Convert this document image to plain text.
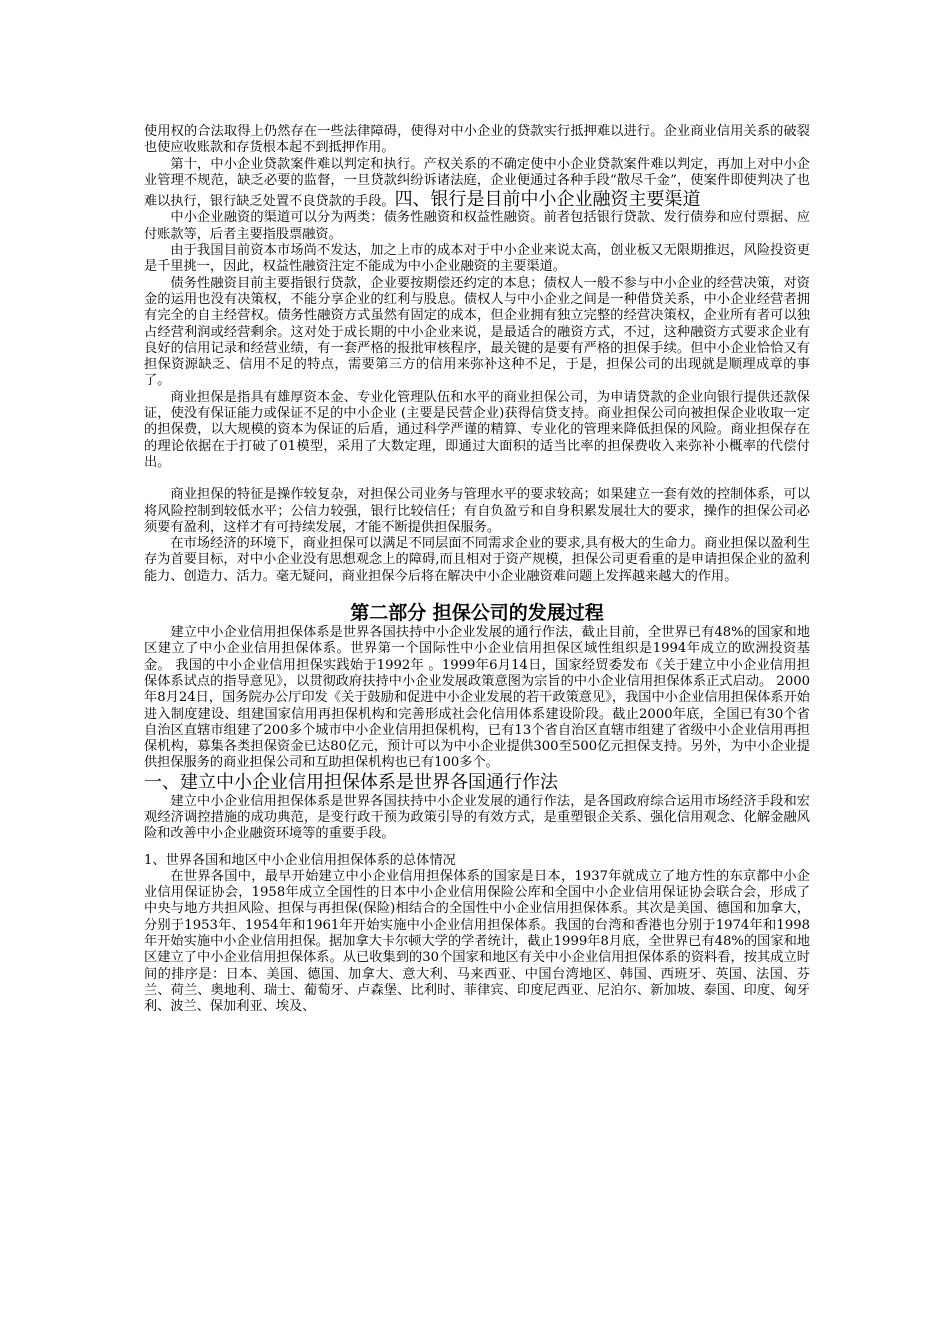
使用权的合法取得上仍然存在一些法律障碍，使得对中小企业的贷款实行抵押难以进行。企业商业信用关系的破裂也使应收账款和存货根本起不到抵押作用。

第十，中小企业贷款案件难以判定和执行。产权关系的不确定使中小企业贷款案件难以判定，再加上对中小企业管理不规范，缺乏必要的监督，一旦贷款纠纷诉诸法庭，企业便通过各种手段“散尽千金”，使案件即使判决了也难以执行，银行缺乏处置不良贷款的手段。四、银行是目前中小企业融资主要渠道

中小企业融资的渠道可以分为两类：债务性融资和权益性融资。前者包括银行贷款、发行债券和应付票据、应付账款等，后者主要指股票融资。

由于我国目前资本市场尚不发达，加之上市的成本对于中小企业来说太高，创业板又无限期推迟，风险投资更是千里挑一，因此，权益性融资注定不能成为中小企业融资的主要渠道。

债务性融资目前主要指银行贷款，企业要按期偿还约定的本息；债权人一般不参与中小企业的经营决策，对资金的运用也没有决策权，不能分享企业的红利与股息。债权人与中小企业之间是一种借贷关系，中小企业经营者拥有完全的自主经营权。债务性融资方式虽然有固定的成本，但企业拥有独立完整的经营决策权，企业所有者可以独占经营利润或经营剩余。这对处于成长期的中小企业来说，是最适合的融资方式，不过，这种融资方式要求企业有良好的信用记录和经营业绩，有一套严格的报批审核程序，最关键的是要有严格的担保手续。但中小企业恰恰又有担保资源缺乏、信用不足的特点，需要第三方的信用来弥补这种不足，于是，担保公司的出现就是顺理成章的事了。

商业担保是指具有雄厚资本金、专业化管理队伍和水平的商业担保公司，为申请贷款的企业向银行提供还款保证，使没有保证能力或保证不足的中小企业 (主要是民营企业)获得信贷支持。商业担保公司向被担保企业收取一定的担保费，以大规模的资本为保证的后盾，通过科学严谨的精算、专业化的管理来降低担保的风险。商业担保存在的理论依据在于打破了01模型，采用了大数定理，即通过大面积的适当比率的担保费收入来弥补小概率的代偿付出。

商业担保的特征是操作较复杂，对担保公司业务与管理水平的要求较高；如果建立一套有效的控制体系，可以将风险控制到较低水平；公信力较强，银行比较信任；有自负盈亏和自身积累发展壮大的要求，操作的担保公司必须要有盈利，这样才有可持续发展，才能不断提供担保服务。

在市场经济的环境下，商业担保可以满足不同层面不同需求企业的要求,具有极大的生命力。商业担保以盈利生存为首要目标，对中小企业没有思想观念上的障碍,而且相对于资产规模，担保公司更看重的是申请担保企业的盈利能力、创造力、活力。毫无疑问，商业担保今后将在解决中小企业融资难问题上发挥越来越大的作用。

第二部分 担保公司的发展过程

建立中小企业信用担保体系是世界各国扶持中小企业发展的通行作法，截止目前，全世界已有48%的国家和地区建立了中小企业信用担保体系。世界第一个国际性中小企业信用担保区域性组织是1994年成立的欧洲投资基金。 我国的中小企业信用担保实践始于1992年 。1999年6月14日，国家经贸委发布《关于建立中小企业信用担保体系试点的指导意见》，以贯彻政府扶持中小企业发展政策意图为宗旨的中小企业信用担保体系正式启动。 2000年8月24日，国务院办公厅印发《关于鼓励和促进中小企业发展的若干政策意见》，我国中小企业信用担保体系开始进入制度建设、组建国家信用再担保机构和完善形成社会化信用体系建设阶段。截止2000年底，全国已有30个省自治区直辖市组建了200多个城市中小企业信用担保机构，已有13个省自治区直辖市组建了省级中小企业信用再担保机构，募集各类担保资金已达80亿元，预计可以为中小企业提供300至500亿元担保支持。另外，为中小企业提供担保服务的商业担保公司和互助担保机构也已有100多个。

一、建立中小企业信用担保体系是世界各国通行作法

建立中小企业信用担保体系是世界各国扶持中小企业发展的通行作法，是各国政府综合运用市场经济手段和宏观经济调控措施的成功典范，是变行政干预为政策引导的有效方式，是重塑银企关系、强化信用观念、化解金融风险和改善中小企业融资环境等的重要手段。

1、世界各国和地区中小企业信用担保体系的总体情况

在世界各国中，最早开始建立中小企业信用担保体系的国家是日本，1937年就成立了地方性的东京都中小企业信用保证协会，1958年成立全国性的日本中小企业信用保险公库和全国中小企业信用保证协会联合会，形成了中央与地方共担风险、担保与再担保(保险)相结合的全国性中小企业信用担保体系。其次是美国、德国和加拿大，分别于1953年、1954年和1961年开始实施中小企业信用担保体系。我国的台湾和香港也分别于1974年和1998年开始实施中小企业信用担保。据加拿大卡尔顿大学的学者统计，截止1999年8月底，全世界已有48%的国家和地区建立了中小企业信用担保体系。从已收集到的30个国家和地区有关中小企业信用担保体系的资料看，按其成立时间的排序是：日本、美国、德国、加拿大、意大利、马来西亚、中国台湾地区、韩国、西班牙、英国、法国、芬兰、荷兰、奥地利、瑞士、葡萄牙、卢森堡、比利时、菲律宾、印度尼西亚、尼泊尔、新加坡、泰国、印度、匈牙利、波兰、保加利亚、埃及、
